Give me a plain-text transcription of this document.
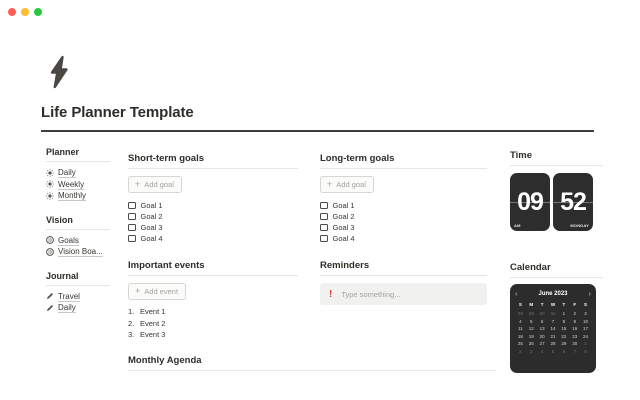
Life Planner Template
Planner
Daily
Weekly
Monthly
Vision
Goals
Vision Boa...
Journal
Travel
Daily
Short-term goals
+ Add goal
Goal 1
Goal 2
Goal 3
Goal 4
Long-term goals
+ Add goal
Goal 1
Goal 2
Goal 3
Goal 4
Important events
+ Add event
1. Event 1
2. Event 2
3. Event 3
Reminders
! Type something...
Monthly Agenda
Time
09
AM
52
MONDAY
Calendar
‹	June 2023	›
S	M	T	W	T	F	S
28	29	30	31	1	2	3
4	5	6	7	8	9	10
11	12	13	14	15	16	17
18	19	20	21	22	23	24
25	26	27	28	29	30	1
2	3	4	5	6	7	8
